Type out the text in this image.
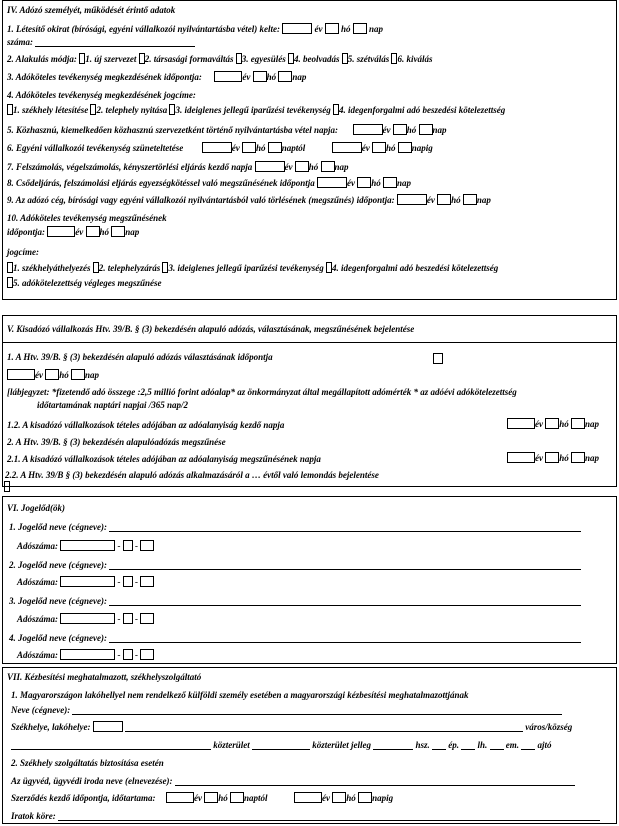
IV. Adózó személyét, működését érintő adatok
1. Létesítő okirat (bírósági, egyéni vállalkozói nyilvántartásba vétel) kelte:	év hó nap
száma:
2. Alakulás módja: 1. új szervezet 2. társasági formaváltás 3. egyesülés 4. beolvadás 5. szétválás 6. kiválás
3. Adóköteles tevékenység megkezdésének időpontja:	év hó nap
4. Adóköteles tevékenység megkezdésének jogcíme:
1. székhely létesítése 2. telephely nyitása 3. ideiglenes jellegű iparűzési tevékenység 4. idegenforgalmi adó beszedési kötelezettség
5. Közhasznú, kiemelkedően közhasznú szervezetként történő nyilvántartásba vétel napja:	év hó nap
6. Egyéni vállalkozói tevékenység szüneteltetése	év hó naptól	év hó napig
7. Felszámolás, végelszámolás, kényszertörlési eljárás kezdő napja	év hó nap
8. Csődeljárás, felszámolási eljárás egyezségkötéssel való megszűnésének időpontja	év hó nap
9. Az adózó cég, bírósági vagy egyéni vállalkozói nyilvántartásból való törlésének (megszűnés) időpontja:	év hó nap
10. Adóköteles tevékenység megszűnésének
időpontja:	év hó nap
jogcíme:
1. székhelyáthelyezés 2. telephelyzárás 3. ideiglenes jellegű iparűzési tevékenység 4. idegenforgalmi adó beszedési kötelezettség
5. adókötelezettség végleges megszűnése
V. Kisadózó vállalkozás Htv. 39/B. § (3) bekezdésén alapuló adózás, választásának, megszűnésének bejelentése
1. A Htv. 39/B. § (3) bekezdésén alapuló adózás választásának időpontja
év hó nap
[lábjegyzet: *fizetendő adó összege :2,5 millió forint adóalap* az önkormányzat által megállapított adómérték * az adóévi adókötelezettség
időtartamának naptári napjai /365 nap/2
1.2. A kisadózó vállalkozások tételes adójában az adóalanyiság kezdő napja	év hó nap
2. A Htv. 39/B. § (3) bekezdésén alapulóadózás megszűnése
2.1. A kisadózó vállalkozások tételes adójában az adóalanyiság megszűnésének napja	év hó nap
2.2. A Htv. 39/B § (3) bekezdésén alapuló adózás alkalmazásáról a … évtől való lemondás bejelentése
VI. Jogelőd(ök)
1. Jogelőd neve (cégneve):
Adószáma:	- -
2. Jogelőd neve (cégneve):
Adószáma:	- -
3. Jogelőd neve (cégneve):
Adószáma:	- -
4. Jogelőd neve (cégneve):
Adószáma:	- -
VII. Kézbesítési meghatalmazott, székhelyszolgáltató
1. Magyarországon lakóhellyel nem rendelkező külföldi személy esetében a magyarországi kézbesítési meghatalmazottjának
Neve (cégneve):
Székhelye, lakóhelye:	város/község
közterület	közterület jelleg	hsz. ép. lh. em. ajtó
2. Székhely szolgáltatás biztosítása esetén
Az ügyvéd, ügyvédi iroda neve (elnevezése):
Szerződés kezdő időpontja, időtartama:	év hó naptól	év hó napig
Iratok köre:
